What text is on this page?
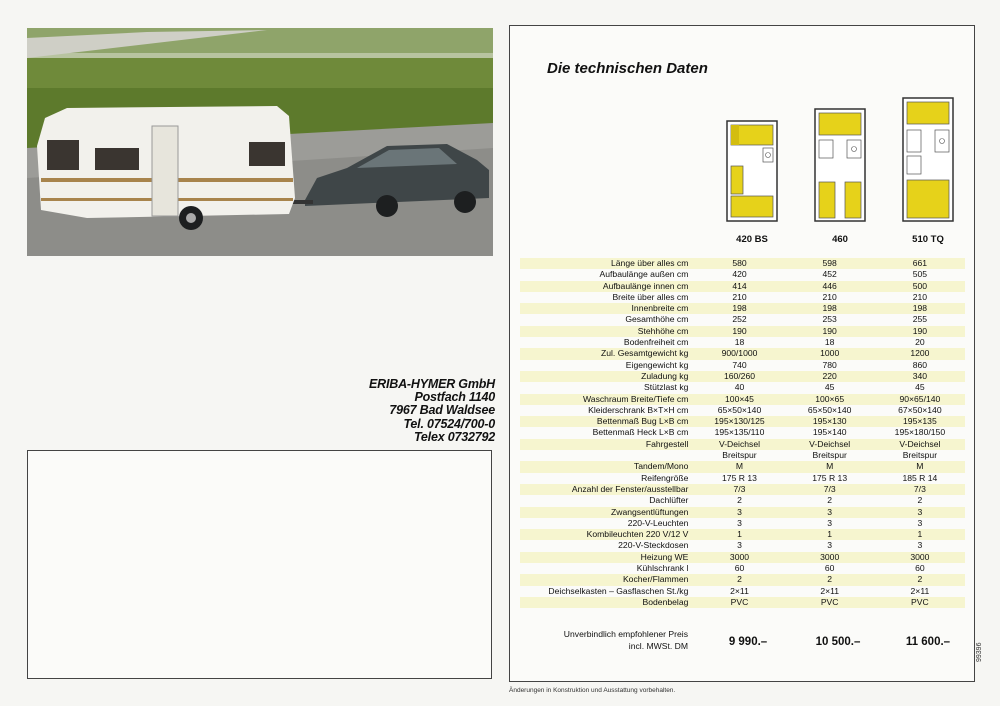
ERIBA-HYMER GmbH
Postfach 1140
7967 Bad Waldsee
Tel. 07524/700-0
Telex 0732792
Die technischen Daten
420 BS	460	510 TQ
Länge über alles cm	580	598	661
Aufbaulänge außen cm	420	452	505
Aufbaulänge innen cm	414	446	500
Breite über alles cm	210	210	210
Innenbreite cm	198	198	198
Gesamthöhe cm	252	253	255
Stehhöhe cm	190	190	190
Bodenfreiheit cm	18	18	20
Zul. Gesamtgewicht kg	900/1000	1000	1200
Eigengewicht kg	740	780	860
Zuladung kg	160/260	220	340
Stützlast kg	40	45	45
Waschraum Breite/Tiefe cm	100×45	100×65	90×65/140
Kleiderschrank B×T×H cm	65×50×140	65×50×140	67×50×140
Bettenmaß Bug L×B cm	195×130/125	195×130	195×135
Bettenmaß Heck L×B cm	195×135/110	195×140	195×180/150
Fahrgestell	V-Deichsel	V-Deichsel	V-Deichsel
	Breitspur	Breitspur	Breitspur
Tandem/Mono	M	M	M
Reifengröße	175 R 13	175 R 13	185 R 14
Anzahl der Fenster/ausstellbar	7/3	7/3	7/3
Dachlüfter	2	2	2
Zwangsentlüftungen	3	3	3
220-V-Leuchten	3	3	3
Kombileuchten 220 V/12 V	1	1	1
220-V-Steckdosen	3	3	3
Heizung WE	3000	3000	3000
Kühlschrank l	60	60	60
Kocher/Flammen	2	2	2
Deichselkasten – Gasflaschen St./kg	2×11	2×11	2×11
Bodenbelag	PVC	PVC	PVC
Unverbindlich empfohlener Preis
incl. MWSt. DM	9 990.–	10 500.–	11 600.–
Änderungen in Konstruktion und Ausstattung vorbehalten.
99396
